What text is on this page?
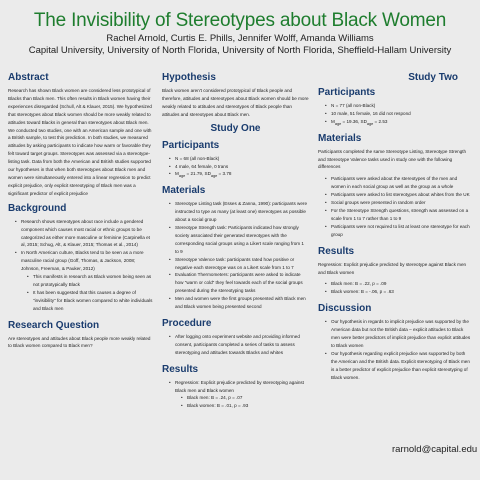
The Invisibility of Stereotypes about Black Women
Rachel Arnold, Curtis E. Phills, Jennifer Wolff, Amanda Williams
Capital University, University of North Florida, University of North Florida, Sheffield-Hallam University
Abstract

Research has shown Black women are considered less prototypical of Blacks than Black men. This often results in Black women having their experiences disregarded (Schull, Alt & Klauer, 2015). We hypothesized that stereotypes about Black women should be more weakly related to attitudes toward Blacks in general than stereotypes about Black men. We conducted two studies, one with an American sample and one with a British sample, to test this prediction. In both studies, we measured attitudes by asking participants to indicate how warm or favorable they felt toward target groups. Stereotypes was assessed via a stereotype-listing task. Data from both the American and British studies supported our hypotheses in that when both stereotypes about Black men and women were simultaneously entered into a linear regression to predict explicit prejudice, only explicit stereotyping of Black men was a significant predictor of explicit prejudice

Background
• Research shows stereotypes about race include a gendered component which causes most racial or ethnic groups to be categorized as either more masculine or feminine (Carpinella et al, 2015; Schug, Alt, & Klauer, 2015; Thomas et al., 2014)
• In North American culture, Blacks tend to be seen as a more masculine racial group (Goff, Thomas, & Jackson, 2008; Johnson, Freeman, & Pauker, 2012)
• This manifests in research as Black women being seen as not prototypically Black
• It has been suggested that this causes a degree of "invisibility" for Black women compared to white individuals and Black men
Research Question

Are stereotypes and attitudes about Black people more weakly related to Black women compared to Black men?

Hypothesis

Black women aren't considered prototypical of Black people and therefore, attitudes and stereotypes about Black women should be more weakly related to attitudes and stereotypes of Black people than attitudes and stereotypes about Black men.

Study One
Participants
• N = 68 (all non-Black)
• 4 male, 64 female, 0 trans
• $M_{age} = 21.79$, $SD_{age} = 3.78$
Materials
• Stereotype Listing task (Esses & Zanna, 1990): participants were instructed to type as many (at least one) stereotypes as possible about a social group
• Stereotype Strength task: Participants indicated how strongly society associated their generated stereotypes with the corresponding social groups using a Likert scale ranging from 1 to 9
• Stereotype Valence task: participants rated how positive or negative each stereotype was on a Likert scale from 1 to 7
• Evaluation Thermometers: participants were asked to indicate how "warm or cold" they feel towards each of the social groups presented during the stereotyping tasks
• Men and women were the first groups presented with Black men and Black women being presented second
Procedure
• After logging onto experiment website and providing informed consent, participants completed a series of tasks to assess stereotyping and attitudes towards Blacks and whites
Results
• Regression: Explicit prejudice predicted by stereotyping against Black men and Black women
• Black men: B = .24, p = .07
• Black women: B = .01, p = .93
Study Two
Participants
• N = 77 (all non-Black)
• 10 male, 51 female, 16 did not respond
• $M_{age} = 19.36$, $SD_{age} = 2.53$
Materials

Participants completed the same Stereotype Listing, Stereotype Strength and Stereotype Valence tasks used in study one with the following differences

• Participants were asked about the stereotypes of the men and women in each social group as well as the group as a whole
• Participants were asked to list stereotypes about whites from the UK
• Social groups were presented in random order
• For the Stereotype Strength questions, strength was assessed on a scale from 1 to 7 rather than 1 to 9
• Participants were not required to list at least one stereotype for each group
Results

Regression: Explicit prejudice predicted by stereotype against Black men and Black women

• Black men: B = .22, p = .09
• Black women: B = -.06, p = .63
Discussion
• Our hypothesis in regards to implicit prejudice was supported by the American data but not the British data – explicit attitudes to Black men were better predictors of implicit prejudice than explicit attitudes to Black women
• Our hypothesis regarding explicit prejudice was supported by both the American and the British data. Explicit stereotyping of Black men is a better predictor of explicit prejudice than explicit stereotyping of Black women.
rarnold@capital.edu
